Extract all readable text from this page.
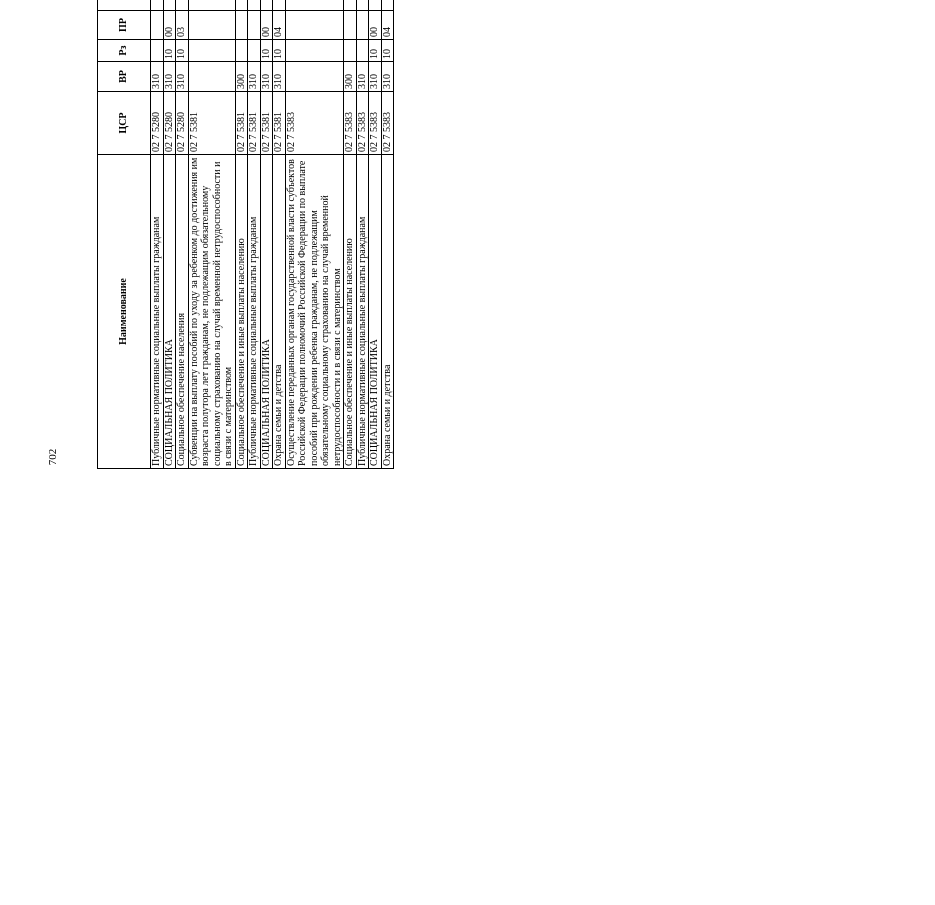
702
Наименование	ЦСР	ВР	Рз	ПР			
Публичные нормативные социальные выплаты гражданам	02 7 5280	310					
СОЦИАЛЬНАЯ ПОЛИТИКА	02 7 5280	310	10	00			
Социальное обеспечение населения	02 7 5280	310	10	03			
Субвенции на выплату пособий по уходу за ребенком до достижения им возраста полутора лет гражданам, не подлежащим обязательному социальному страхованию на случай временной нетрудоспособности и в связи с материнством	02 7 5381						
Социальное обеспечение и иные выплаты населению	02 7 5381	300					
Публичные нормативные социальные выплаты гражданам	02 7 5381	310					
СОЦИАЛЬНАЯ ПОЛИТИКА	02 7 5381	310	10	00			
Охрана семьи и детства	02 7 5381	310	10	04			
Осуществление переданных органам государственной власти субъектов Российской Федерации полномочий Российской Федерации по выплате пособий при рождении ребенка гражданам, не подлежащим обязательному социальному страхованию на случай временной нетрудоспособности и в связи с материнством	02 7 5383						
Социальное обеспечение и иные выплаты населению	02 7 5383	300					
Публичные нормативные социальные выплаты гражданам	02 7 5383	310					
СОЦИАЛЬНАЯ ПОЛИТИКА	02 7 5383	310	10	00			
Охрана семьи и детства	02 7 5383	310	10	04			
